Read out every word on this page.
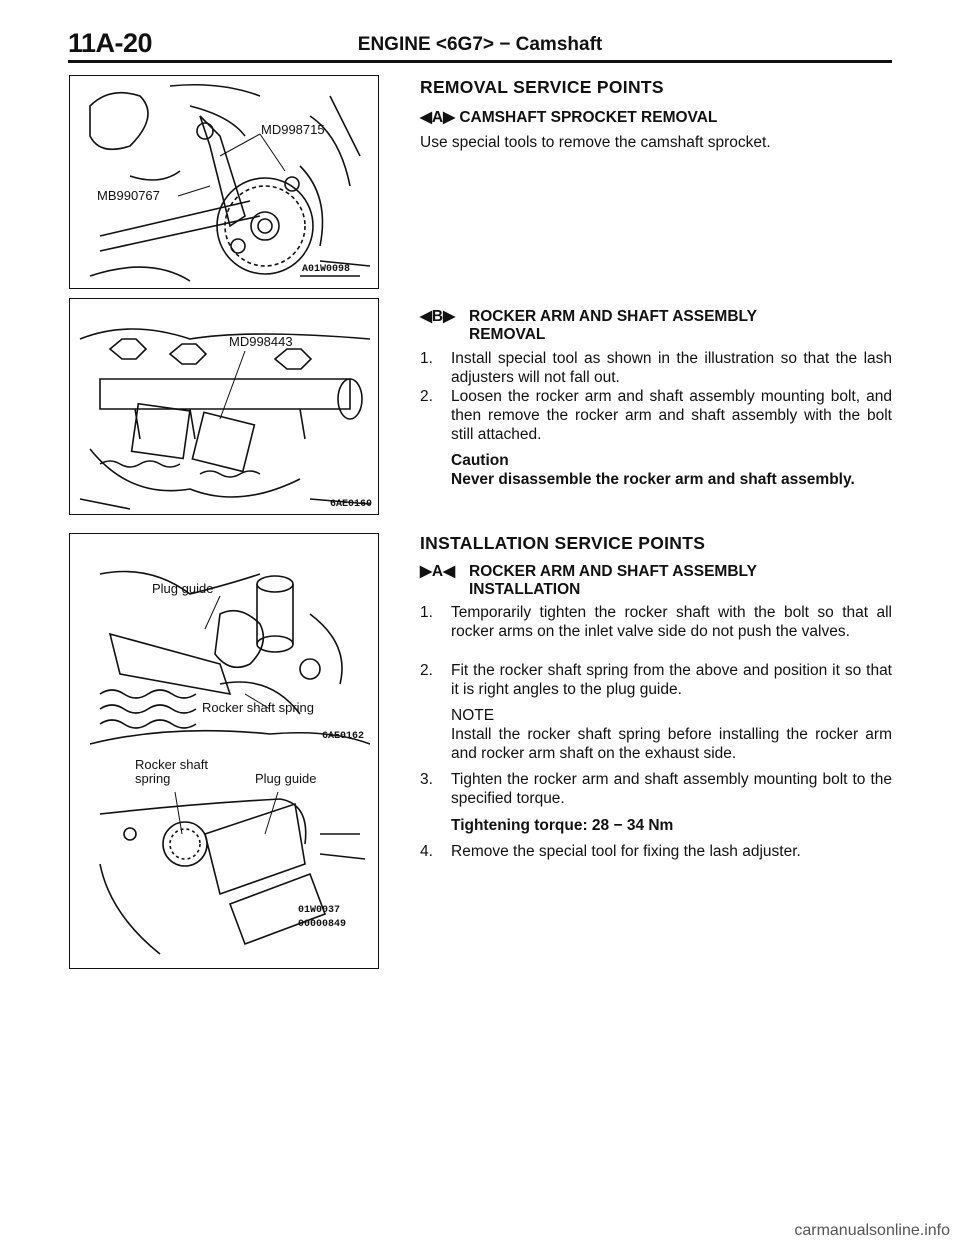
11A-20	ENGINE <6G7> − Camshaft
MD998715
MB990767
A01W0098
MD998443
6AE0160
Plug guide
Rocker shaft spring
6AE0162
Rocker shaft
spring	Plug guide
01W0037
00000849
REMOVAL SERVICE POINTS
◀A▶ CAMSHAFT SPROCKET REMOVAL
Use special tools to remove the camshaft sprocket.
◀B▶ ROCKER ARM AND SHAFT ASSEMBLY
REMOVAL
1. Install special tool as shown in the illustration so that the lash adjusters will not fall out.
2. Loosen the rocker arm and shaft assembly mounting bolt, and then remove the rocker arm and shaft assembly with the bolt still attached.
Caution
Never disassemble the rocker arm and shaft assembly.
INSTALLATION SERVICE POINTS
▶A◀ ROCKER ARM AND SHAFT ASSEMBLY
INSTALLATION
1. Temporarily tighten the rocker shaft with the bolt so that all rocker arms on the inlet valve side do not push the valves.
2. Fit the rocker shaft spring from the above and position it so that it is right angles to the plug guide.
NOTE
Install the rocker shaft spring before installing the rocker arm and rocker arm shaft on the exhaust side.
3. Tighten the rocker arm and shaft assembly mounting bolt to the specified torque.
Tightening torque: 28 − 34 Nm
4. Remove the special tool for fixing the lash adjuster.
carmanualsonline.info
